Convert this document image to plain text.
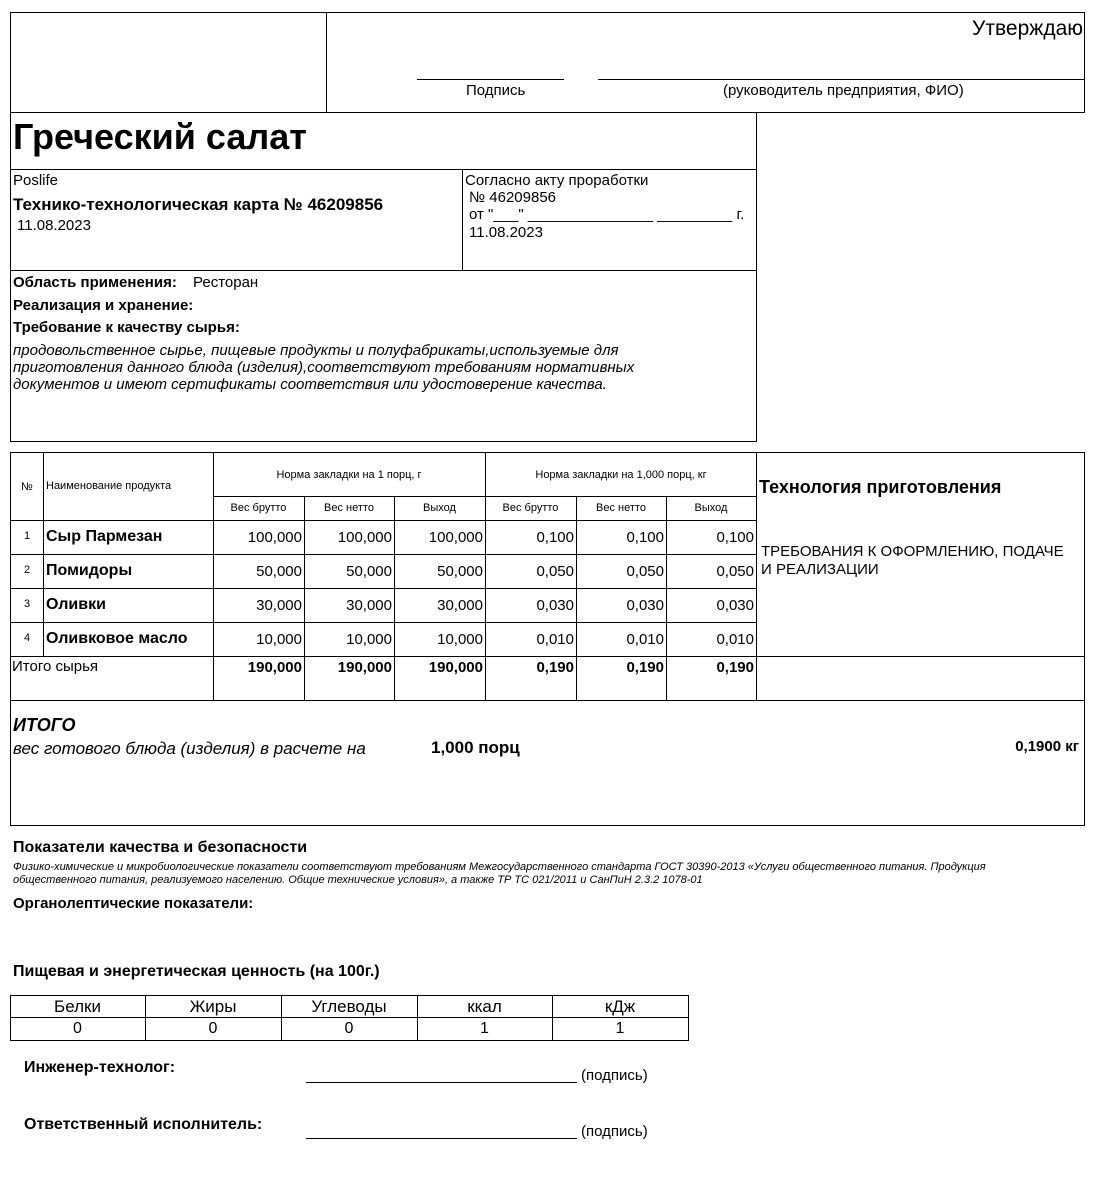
Утверждаю
Подпись	(руководитель предприятия, ФИО)
Греческий салат
Poslife
Технико-технологическая карта № 46209856
11.08.2023
Согласно акту проработки
№ 46209856
от "___" _______________ _________ г.
11.08.2023
Область применения: Ресторан
Реализация и хранение:
Требование к качеству сырья:
продовольственное сырье, пищевые продукты и полуфабрикаты,используемые для
приготовления данного блюда (изделия),соответствуют требованиям нормативных
документов и имеют сертификаты соответствия или удостоверение качества.
№ Наименование продукта
Норма закладки на 1 порц, г	Норма закладки на 1,000 порц, кг
Вес брутто	Вес нетто	Выход	Вес брутто	Вес нетто	Выход
Технология приготовления
ТРЕБОВАНИЯ К ОФОРМЛЕНИЮ, ПОДАЧЕ
И РЕАЛИЗАЦИИ
1 Сыр Пармезан	100,000	100,000	100,000	0,100	0,100	0,100
2 Помидоры	50,000	50,000	50,000	0,050	0,050	0,050
3 Оливки	30,000	30,000	30,000	0,030	0,030	0,030
4 Оливковое масло	10,000	10,000	10,000	0,010	0,010	0,010
Итого сырья	190,000	190,000	190,000	0,190	0,190	0,190
ИТОГО
вес готового блюда (изделия) в расчете на	1,000 порц	0,1900 кг
Показатели качества и безопасности
Физико-химические и микробиологические показатели соответствуют требованиям Межгосударственного стандарта ГОСТ 30390-2013 «Услуги общественного питания. Продукция
общественного питания, реализуемого населению. Общие технические условия», а также ТР ТС 021/2011 и СанПиН 2.3.2 1078-01
Органолептические показатели:
Пищевая и энергетическая ценность (на 100г.)
Белки	Жиры	Углеводы	ккал	кДж
0	0	0	1	1
Инженер-технолог:	(подпись)
Ответственный исполнитель:	(подпись)
